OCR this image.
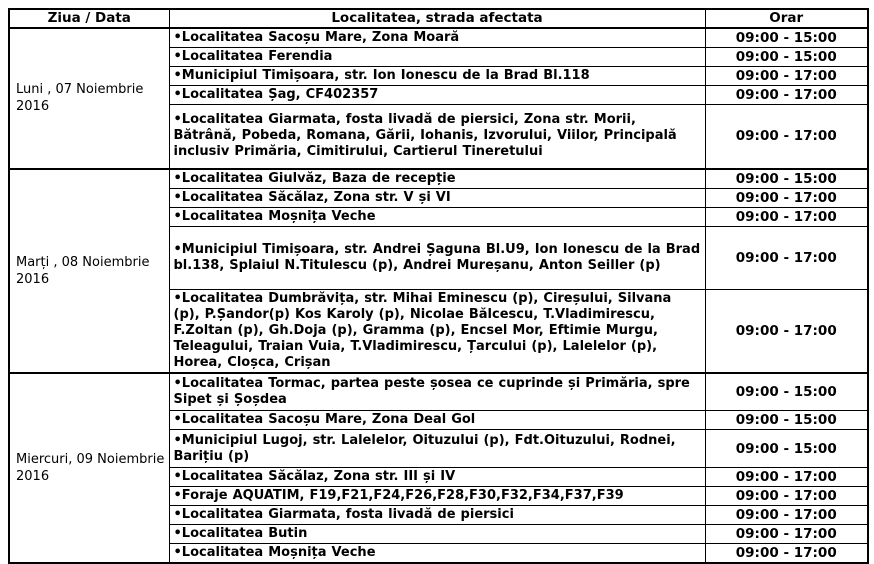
Ziua / Data	Localitatea, strada afectata	Orar
Luni , 07 Noiembrie 2016	•Localitatea Sacoșu Mare, Zona Moară	09:00 - 15:00
	•Localitatea Ferendia	09:00 - 15:00
	•Municipiul Timișoara, str. Ion Ionescu de la Brad Bl.118	09:00 - 17:00
	•Localitatea Șag, CF402357	09:00 - 17:00
	•Localitatea Giarmata, fosta livadă de piersici, Zona str. Morii, Bătrână, Pobeda, Romana, Gării, Iohanis, Izvorului, Viilor, Principală inclusiv Primăria, Cimitirului, Cartierul Tineretului	09:00 - 17:00
Marți , 08 Noiembrie 2016	•Localitatea Giulvăz, Baza de recepție	09:00 - 15:00
	•Localitatea Săcălaz, Zona str. V și VI	09:00 - 17:00
	•Localitatea Moșnița Veche	09:00 - 17:00
	•Municipiul Timișoara, str. Andrei Șaguna Bl.U9, Ion Ionescu de la Brad bl.138, Splaiul N.Titulescu (p), Andrei Mureșanu, Anton Seiller (p)	09:00 - 17:00
	•Localitatea Dumbrăvița, str. Mihai Eminescu (p), Cireșului, Silvana (p), P.Șandor(p) Kos Karoly (p), Nicolae Bălcescu, T.Vladimirescu, F.Zoltan (p), Gh.Doja (p), Gramma (p), Encsel Mor, Eftimie Murgu, Teleagului, Traian Vuia, T.Vladimirescu, Țarcului (p), Lalelelor (p), Horea, Cloșca, Crișan	09:00 - 17:00
Miercuri, 09 Noiembrie 2016	•Localitatea Tormac, partea peste șosea ce cuprinde și Primăria, spre Sipet și Șoșdea	09:00 - 15:00
	•Localitatea Sacoșu Mare, Zona Deal Gol	09:00 - 15:00
	•Municipiul Lugoj, str. Lalelelor, Oituzului (p), Fdt.Oituzului, Rodnei, Barițiu (p)	09:00 - 15:00
	•Localitatea Săcălaz, Zona str. III și IV	09:00 - 17:00
	•Foraje AQUATIM, F19,F21,F24,F26,F28,F30,F32,F34,F37,F39	09:00 - 17:00
	•Localitatea Giarmata, fosta livadă de piersici	09:00 - 17:00
	•Localitatea Butin	09:00 - 17:00
	•Localitatea Moșnița Veche	09:00 - 17:00
